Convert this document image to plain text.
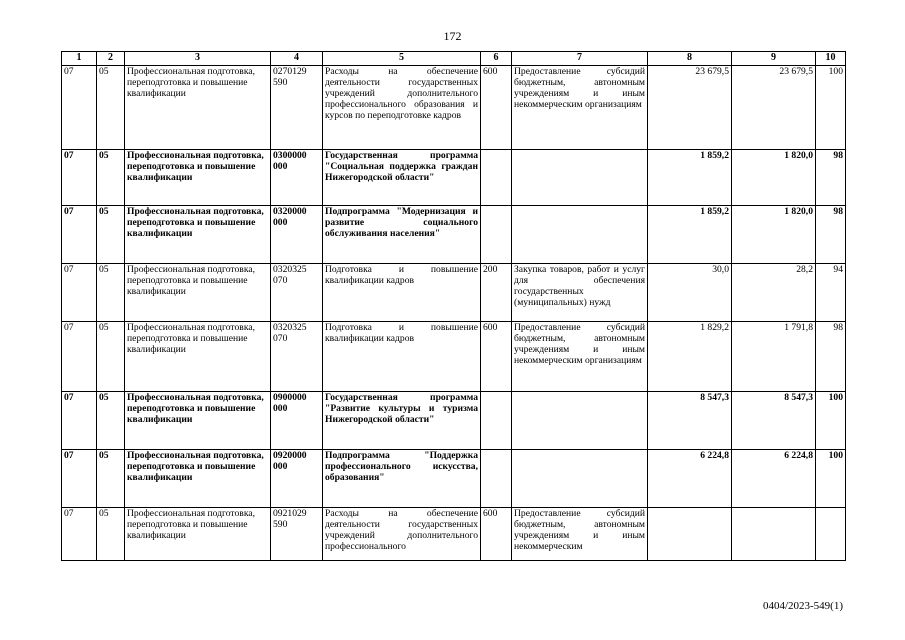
172
1	2	3	4	5	6	7	8	9	10
07	05	Профессиональная подготовка, переподготовка и повышение квалификации	0270129 590	Расходы на обеспечение деятельности государственных учреждений дополнительного профессионального образования и курсов по переподготовке кадров	600	Предоставление субсидий бюджетным, автономным учреждениям и иным некоммерческим организациям	23 679,5	23 679,5	100
07	05	Профессиональная подготовка, переподготовка и повышение квалификации	0300000 000	Государственная программа "Социальная поддержка граждан Нижегородской области"			1 859,2	1 820,0	98
07	05	Профессиональная подготовка, переподготовка и повышение квалификации	0320000 000	Подпрограмма "Модернизация и развитие социального обслуживания населения"			1 859,2	1 820,0	98
07	05	Профессиональная подготовка, переподготовка и повышение квалификации	0320325 070	Подготовка и повышение квалификации кадров	200	Закупка товаров, работ и услуг для обеспечения государственных (муниципальных) нужд	30,0	28,2	94
07	05	Профессиональная подготовка, переподготовка и повышение квалификации	0320325 070	Подготовка и повышение квалификации кадров	600	Предоставление субсидий бюджетным, автономным учреждениям и иным некоммерческим организациям	1 829,2	1 791,8	98
07	05	Профессиональная подготовка, переподготовка и повышение квалификации	0900000 000	Государственная программа "Развитие культуры и туризма Нижегородской области"			8 547,3	8 547,3	100
07	05	Профессиональная подготовка, переподготовка и повышение квалификации	0920000 000	Подпрограмма "Поддержка профессионального искусства, образования"			6 224,8	6 224,8	100
07	05	Профессиональная подготовка, переподготовка и повышение квалификации	0921029 590	Расходы на обеспечение деятельности государственных учреждений дополнительного профессионального	600	Предоставление субсидий бюджетным, автономным учреждениям и иным некоммерческим			
0404/2023-549(1)
